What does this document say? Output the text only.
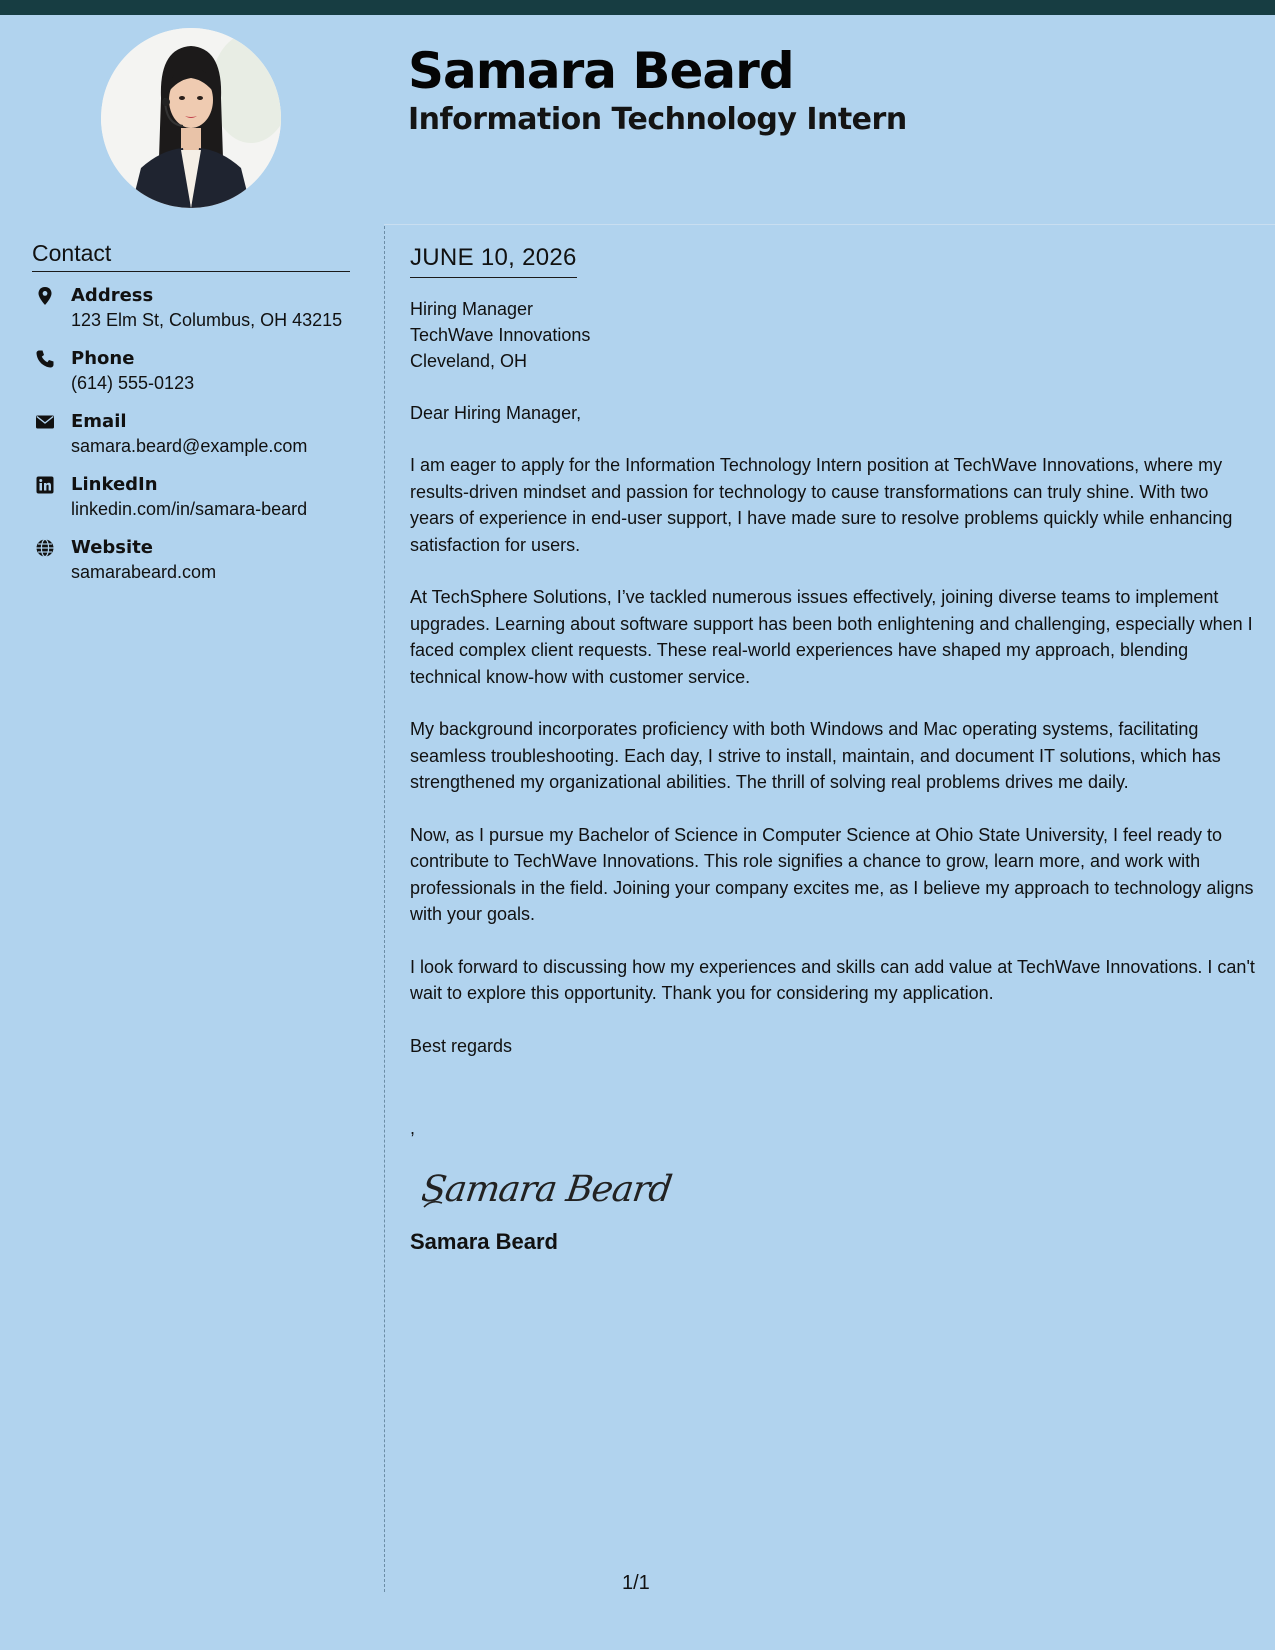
Samara Beard
Information Technology Intern
Contact
Address
123 Elm St, Columbus, OH 43215
Phone
(614) 555-0123
Email
samara.beard@example.com
LinkedIn
linkedin.com/in/samara-beard
Website
samarabeard.com
JUNE 10, 2026
Hiring Manager
TechWave Innovations
Cleveland, OH
Dear Hiring Manager,
I am eager to apply for the Information Technology Intern position at TechWave Innovations, where my results-driven mindset and passion for technology to cause transformations can truly shine. With two years of experience in end-user support, I have made sure to resolve problems quickly while enhancing satisfaction for users.
At TechSphere Solutions, I’ve tackled numerous issues effectively, joining diverse teams to implement upgrades. Learning about software support has been both enlightening and challenging, especially when I faced complex client requests. These real-world experiences have shaped my approach, blending technical know-how with customer service.
My background incorporates proficiency with both Windows and Mac operating systems, facilitating seamless troubleshooting. Each day, I strive to install, maintain, and document IT solutions, which has strengthened my organizational abilities. The thrill of solving real problems drives me daily.
Now, as I pursue my Bachelor of Science in Computer Science at Ohio State University, I feel ready to contribute to TechWave Innovations. This role signifies a chance to grow, learn more, and work with professionals in the field. Joining your company excites me, as I believe my approach to technology aligns with your goals.
I look forward to discussing how my experiences and skills can add value at TechWave Innovations. I can't wait to explore this opportunity. Thank you for considering my application.
Best regards
,
Samara Beard
Samara Beard
1/1
